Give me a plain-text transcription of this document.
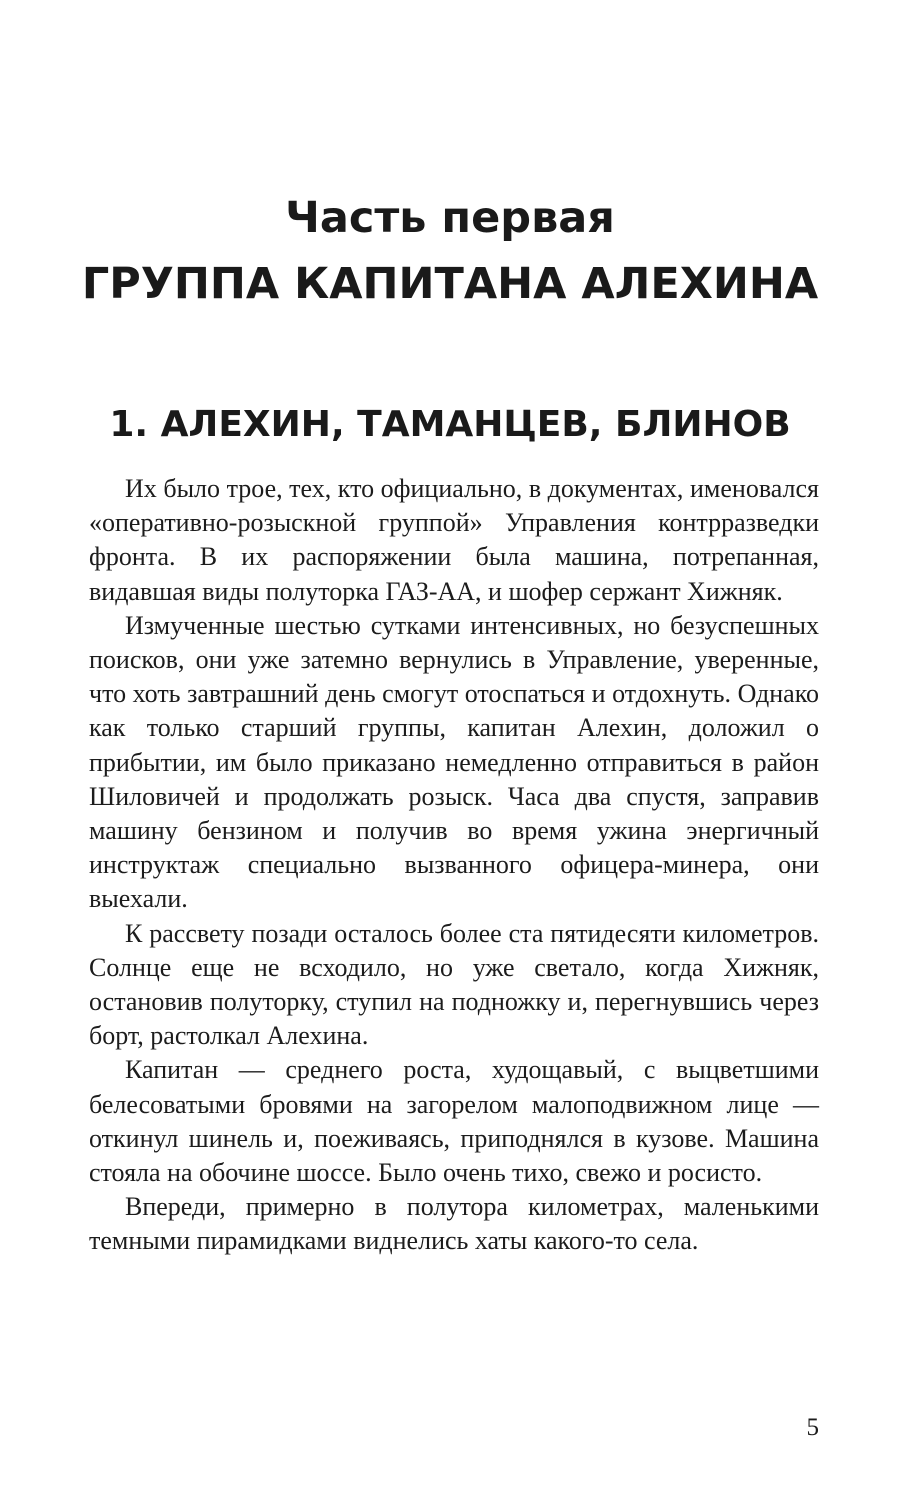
Часть первая
ГРУППА КАПИТАНА АЛЕХИНА
1. АЛЕХИН, ТАМАНЦЕВ, БЛИНОВ

Их было трое, тех, кто официально, в документах, именовался «оперативно-розыскной группой» Управления контрразведки фронта. В их распоряжении была машина, потрепанная, видавшая виды полуторка ГАЗ-АА, и шофер сержант Хижняк.

Измученные шестью сутками интенсивных, но безуспешных поисков, они уже затемно вернулись в Управление, уверенные, что хоть завтрашний день смогут отоспаться и отдохнуть. Однако как только старший группы, капитан Алехин, доложил о прибытии, им было приказано немедленно отправиться в район Шиловичей и продолжать розыск. Часа два спустя, заправив машину бензином и получив во время ужина энергичный инструктаж специально вызванного офицера-минера, они выехали.

К рассвету позади осталось более ста пятидесяти километров. Солнце еще не всходило, но уже светало, когда Хижняк, остановив полуторку, ступил на подножку и, перегнувшись через борт, растолкал Алехина.

Капитан — среднего роста, худощавый, с выцветшими белесоватыми бровями на загорелом малоподвижном лице — откинул шинель и, поеживаясь, приподнялся в кузове. Машина стояла на обочине шоссе. Было очень тихо, свежо и росисто.

Впереди, примерно в полутора километрах, маленькими темными пирамидками виднелись хаты какого-то села.

5
